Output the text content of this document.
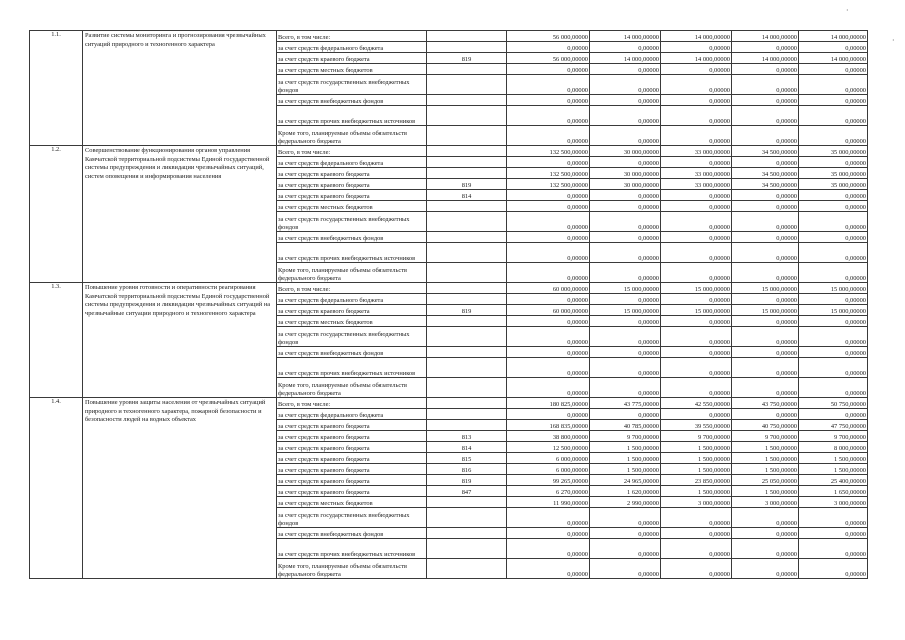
·
·
1.1.	Развитие системы мониторинга и прогнозирования чрезвычайных ситуаций природного и техногенного характера	Всего, в том числе:		56 000,00000	14 000,00000	14 000,00000	14 000,00000	14 000,00000
		за счет средств федерального бюджета		0,00000	0,00000	0,00000	0,00000	0,00000
		за счет средств краевого бюджета	819	56 000,00000	14 000,00000	14 000,00000	14 000,00000	14 000,00000
		за счет средств местных бюджетов		0,00000	0,00000	0,00000	0,00000	0,00000
		за счет средств государственных внебюджетных фондов		0,00000	0,00000	0,00000	0,00000	0,00000
		за счет средств внебюджетных фондов		0,00000	0,00000	0,00000	0,00000	0,00000
		за счет средств прочих внебюджетных источников		0,00000	0,00000	0,00000	0,00000	0,00000
		Кроме того, планируемые объемы обязательств федерального бюджета		0,00000	0,00000	0,00000	0,00000	0,00000
1.2.	Совершенствование функционирования органов управления Камчатской территориальной подсистемы Единой государственной системы предупреждения и ликвидации чрезвычайных ситуаций, систем оповещения и информирования населения	Всего, в том числе:		132 500,00000	30 000,00000	33 000,00000	34 500,00000	35 000,00000
		за счет средств федерального бюджета		0,00000	0,00000	0,00000	0,00000	0,00000
		за счет средств краевого бюджета		132 500,00000	30 000,00000	33 000,00000	34 500,00000	35 000,00000
		за счет средств краевого бюджета	819	132 500,00000	30 000,00000	33 000,00000	34 500,00000	35 000,00000
		за счет средств краевого бюджета	814	0,00000	0,00000	0,00000	0,00000	0,00000
		за счет средств местных бюджетов		0,00000	0,00000	0,00000	0,00000	0,00000
		за счет средств государственных внебюджетных фондов		0,00000	0,00000	0,00000	0,00000	0,00000
		за счет средств внебюджетных фондов		0,00000	0,00000	0,00000	0,00000	0,00000
		за счет средств прочих внебюджетных источников		0,00000	0,00000	0,00000	0,00000	0,00000
		Кроме того, планируемые объемы обязательств федерального бюджета		0,00000	0,00000	0,00000	0,00000	0,00000
1.3.	Повышение уровня готовности и оперативности реагирования Камчатской территориальной подсистемы Единой государственной системы предупреждения и ликвидации чрезвычайных ситуаций на чрезвычайные ситуации природного и техногенного характера	Всего, в том числе:		60 000,00000	15 000,00000	15 000,00000	15 000,00000	15 000,00000
		за счет средств федерального бюджета		0,00000	0,00000	0,00000	0,00000	0,00000
		за счет средств краевого бюджета	819	60 000,00000	15 000,00000	15 000,00000	15 000,00000	15 000,00000
		за счет средств местных бюджетов		0,00000	0,00000	0,00000	0,00000	0,00000
		за счет средств государственных внебюджетных фондов		0,00000	0,00000	0,00000	0,00000	0,00000
		за счет средств внебюджетных фондов		0,00000	0,00000	0,00000	0,00000	0,00000
		за счет средств прочих внебюджетных источников		0,00000	0,00000	0,00000	0,00000	0,00000
		Кроме того, планируемые объемы обязательств федерального бюджета		0,00000	0,00000	0,00000	0,00000	0,00000
1.4.	Повышение уровня защиты населения от чрезвычайных ситуаций природного и техногенного характера, пожарной безопасности и безопасности людей на водных объектах	Всего, в том числе:		180 825,00000	43 775,00000	42 550,00000	43 750,00000	50 750,00000
		за счет средств федерального бюджета		0,00000	0,00000	0,00000	0,00000	0,00000
		за счет средств краевого бюджета		168 835,00000	40 785,00000	39 550,00000	40 750,00000	47 750,00000
		за счет средств краевого бюджета	813	38 800,00000	9 700,00000	9 700,00000	9 700,00000	9 700,00000
		за счет средств краевого бюджета	814	12 500,00000	1 500,00000	1 500,00000	1 500,00000	8 000,00000
		за счет средств краевого бюджета	815	6 000,00000	1 500,00000	1 500,00000	1 500,00000	1 500,00000
		за счет средств краевого бюджета	816	6 000,00000	1 500,00000	1 500,00000	1 500,00000	1 500,00000
		за счет средств краевого бюджета	819	99 265,00000	24 965,00000	23 850,00000	25 050,00000	25 400,00000
		за счет средств краевого бюджета	847	6 270,00000	1 620,00000	1 500,00000	1 500,00000	1 650,00000
		за счет средств местных бюджетов		11 990,00000	2 990,00000	3 000,00000	3 000,00000	3 000,00000
		за счет средств государственных внебюджетных фондов		0,00000	0,00000	0,00000	0,00000	0,00000
		за счет средств внебюджетных фондов		0,00000	0,00000	0,00000	0,00000	0,00000
		за счет средств прочих внебюджетных источников		0,00000	0,00000	0,00000	0,00000	0,00000
		Кроме того, планируемые объемы обязательств федерального бюджета		0,00000	0,00000	0,00000	0,00000	0,00000
